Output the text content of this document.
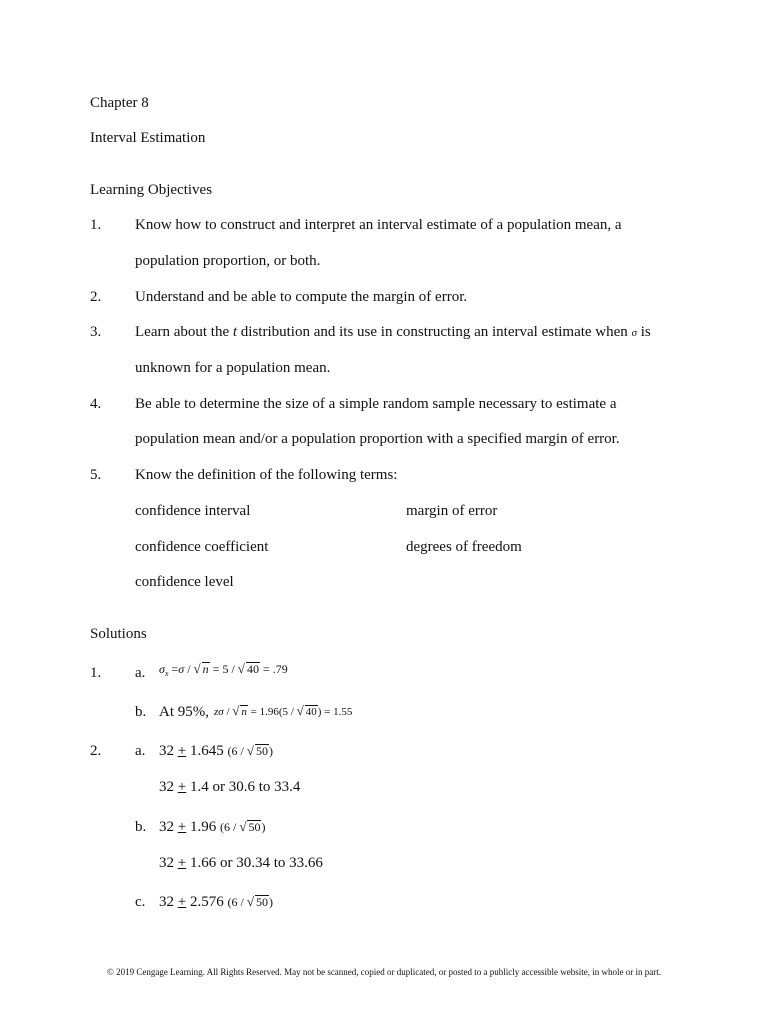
Chapter 8
Interval Estimation
Learning Objectives
1. Know how to construct and interpret an interval estimate of a population mean, a
population proportion, or both.
2. Understand and be able to compute the margin of error.
3. Learn about the t distribution and its use in constructing an interval estimate when σ is
unknown for a population mean.
4. Be able to determine the size of a simple random sample necessary to estimate a
population mean and/or a population proportion with a specified margin of error.
5. Know the definition of the following terms:
confidence interval	margin of error
confidence coefficient	degrees of freedom
confidence level
Solutions
1. a. $\sigma_x =\sigma$ / √ n = 5 / √ 40 = .79
b. At 95%, zσ / √ n = 1.96(5 / √ 40) = 1.55
2. a. 32 + 1.645 (6 / √ 50)
32 + 1.4 or 30.6 to 33.4
b. 32 + 1.96 (6 / √ 50)
32 + 1.66 or 30.34 to 33.66
c. 32 + 2.576 (6 / √ 50)
© 2019 Cengage Learning. All Rights Reserved. May not be scanned, copied or duplicated, or posted to a publicly accessible website, in whole or in part.
